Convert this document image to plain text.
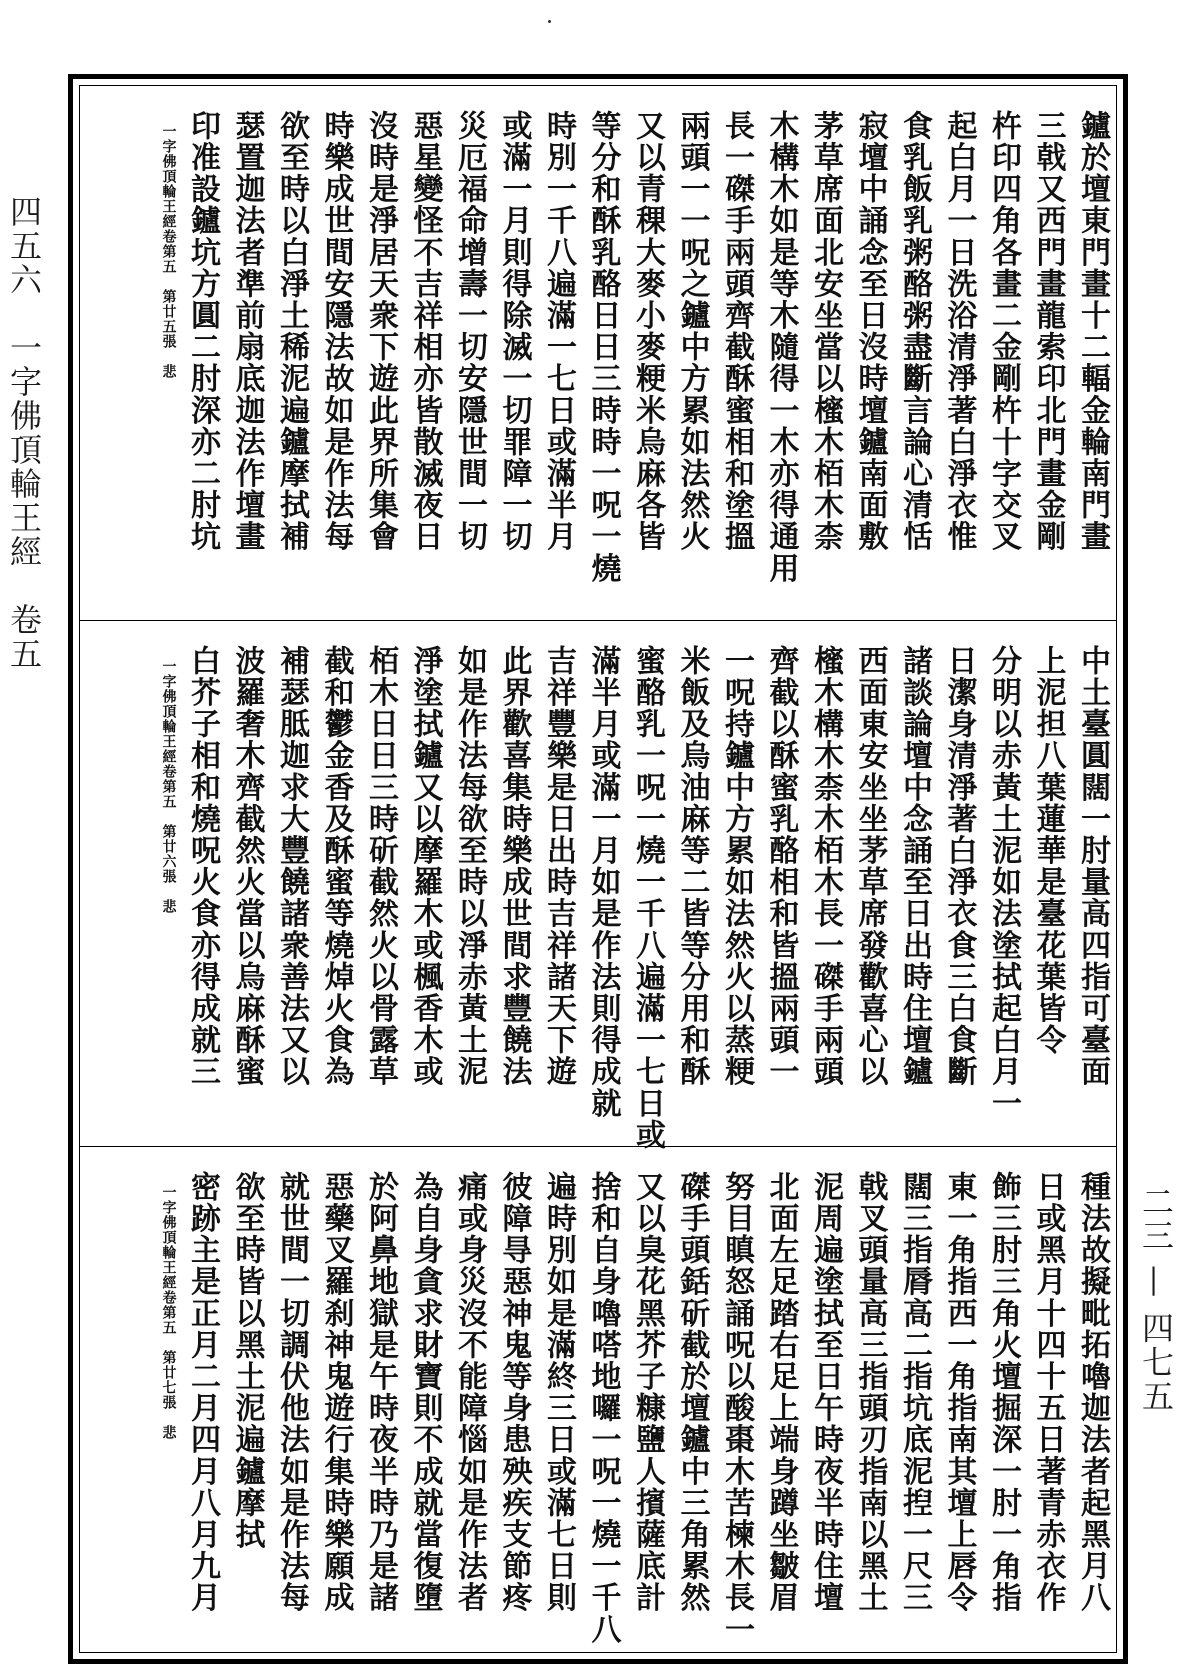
四五六　一字佛頂輪王經　卷五
二三 — 四七五
鑪於壇東門畫十二輻金輪南門畫
三戟又西門畫龍索印北門畫金剛
杵印四角各畫二金剛杵十字交叉
起白月一日洗浴清淨著白淨衣惟
食乳飯乳粥酪粥盡斷言論心清恬
寂壇中誦念至日沒時壇鑪南面敷
茅草席面北安坐當以櫁木栢木柰
木構木如是等木隨得一木亦得通用
長一磔手兩頭齊截酥蜜相和塗搵
兩頭一一呪之鑪中方累如法然火
又以青稞大麥小麥粳米烏麻各皆
等分和酥乳酪日日三時時一呪一燒
時別一千八遍滿一七日或滿半月
或滿一月則得除滅一切罪障一切
災厄福命增壽一切安隱世間一切
惡星變怪不吉祥相亦皆散滅夜日
沒時是淨居天衆下遊此界所集會
時樂成世間安隱法故如是作法每
欲至時以白淨土稀泥遍鑪摩拭補
瑟置迦法者準前扇底迦法作壇畫
印准設鑪坑方圓二肘深亦二肘坑
一字佛頂輪王經卷第五　第廿五張　悲
中土臺圓闊一肘量高四指可臺面
上泥担八葉蓮華是臺花葉皆令
分明以赤黃土泥如法塗拭起白月一
日潔身清淨著白淨衣食三白食斷
諸談論壇中念誦至日出時住壇鑪
西面東安坐坐茅草席發歡喜心以
櫁木構木柰木栢木長一磔手兩頭
齊截以酥蜜乳酪相和皆搵兩頭一
一呪持鑪中方累如法然火以蒸粳
米飯及烏油麻等二皆等分用和酥
蜜酪乳一呪一燒一千八遍滿一七日或
滿半月或滿一月如是作法則得成就
吉祥豐樂是日出時吉祥諸天下遊
此界歡喜集時樂成世間求豐饒法
如是作法每欲至時以淨赤黃土泥
淨塗拭鑪又以摩羅木或楓香木或
栢木日日三時斫截然火以骨露草
截和鬱金香及酥蜜等燒焯火食為
補瑟胝迦求大豐饒諸衆善法又以
波羅奢木齊截然火當以烏麻酥蜜
白芥子相和燒呪火食亦得成就三
一字佛頂輪王經卷第五　第廿六張　悲
種法故擬毗拓嚕迦法者起黑月八
日或黑月十四十五日著青赤衣作
飾三肘三角火壇掘深一肘一角指
東一角指西一角指南其壇上唇令
闊三指脣高二指坑底泥揑一尺三
戟叉頭量高三指頭刃指南以黑土
泥周遍塗拭至日午時夜半時住壇
北面左足踏右足上端身蹲坐皺眉
努目瞋怒誦呪以酸棗木苦楝木長一
磔手頭銛斫截於壇鑪中三角累然
又以臭花黑芥子糠鹽人擯薩底計
捨和自身嚕嗒地囉一呪一燒一千八
遍時別如是滿終三日或滿七日則
彼障㝵惡神鬼等身患殃疾支節疼
痛或身災沒不能障惱如是作法者
為自身貪求財寶則不成就當復墮
於阿鼻地獄是午時夜半時乃是諸
惡藥叉羅刹神鬼遊行集時樂願成
就世間一切調伏他法如是作法每
欲至時皆以黑土泥遍鑪摩拭
密跡主是正月二月四月八月九月
一字佛頂輪王經卷第五　第廿七張　悲
